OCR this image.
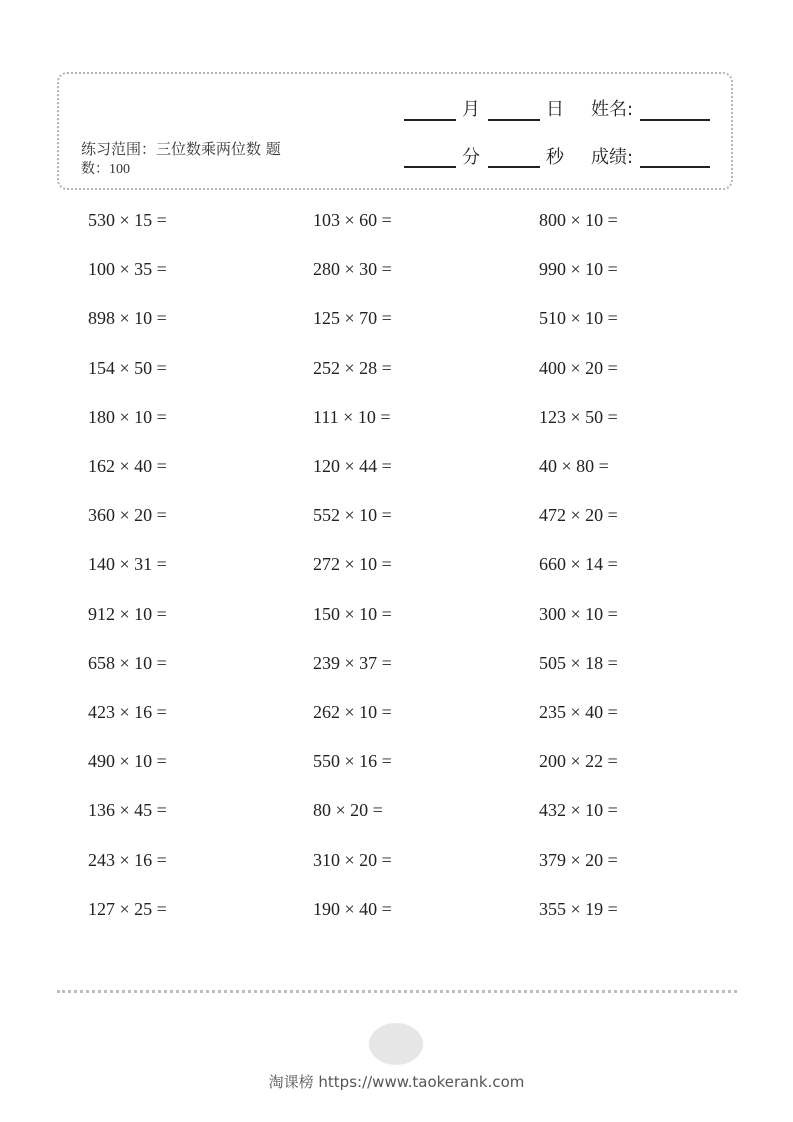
练习范围：三位数乘两位数 题
数：100
月	日 姓名:
分	秒 成绩:
530 × 15 =	103 × 60 =	800 × 10 =
100 × 35 =	280 × 30 =	990 × 10 =
898 × 10 =	125 × 70 =	510 × 10 =
154 × 50 =	252 × 28 =	400 × 20 =
180 × 10 =	111 × 10 =	123 × 50 =
162 × 40 =	120 × 44 =	40 × 80 =
360 × 20 =	552 × 10 =	472 × 20 =
140 × 31 =	272 × 10 =	660 × 14 =
912 × 10 =	150 × 10 =	300 × 10 =
658 × 10 =	239 × 37 =	505 × 18 =
423 × 16 =	262 × 10 =	235 × 40 =
490 × 10 =	550 × 16 =	200 × 22 =
136 × 45 =	80 × 20 =	432 × 10 =
243 × 16 =	310 × 20 =	379 × 20 =
127 × 25 =	190 × 40 =	355 × 19 =
淘课榜 https://www.taokerank.com
